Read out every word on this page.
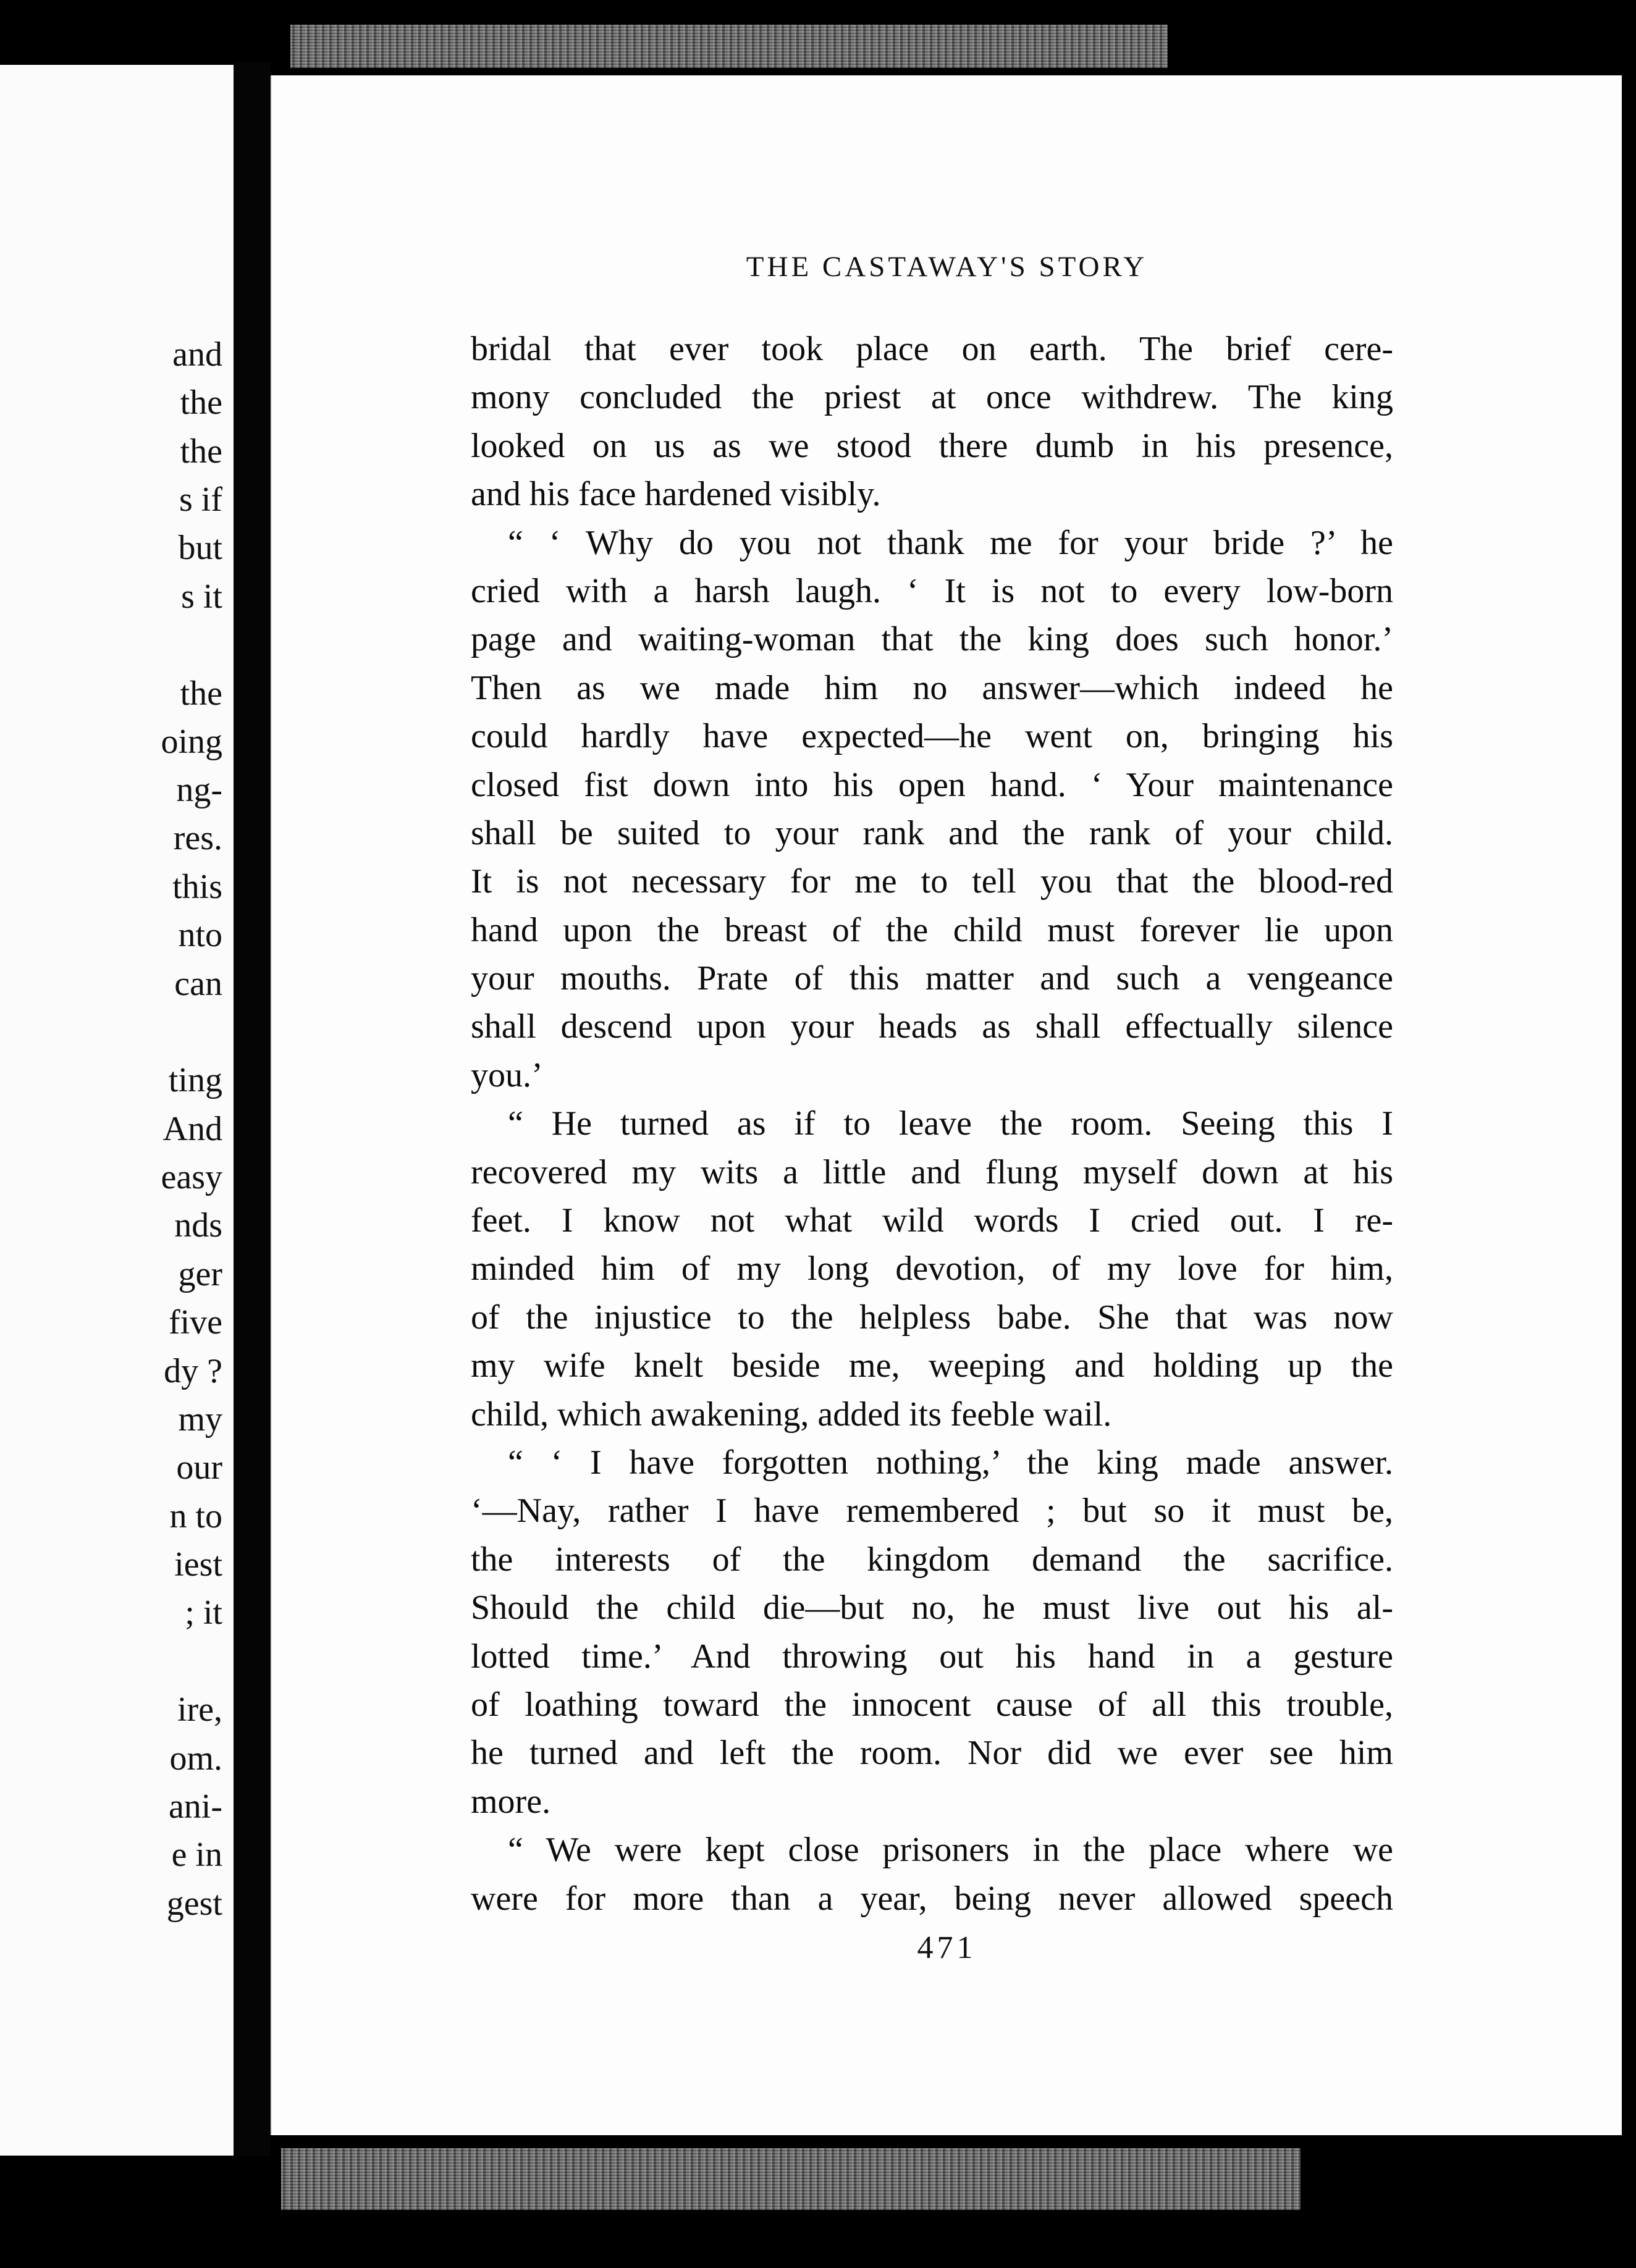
and
the
the
s if
but
s it
the
oing
ng-
res.
this
nto
can
ting
And
easy
nds
ger
five
dy ?
my
our
n to
iest
; it
ire,
om.
ani-
e in
gest
THE CASTAWAY'S STORY
bridal that ever took place on earth. The brief cere-
mony concluded the priest at once withdrew. The king
looked on us as we stood there dumb in his presence,
and his face hardened visibly.
“ ‘ Why do you not thank me for your bride ?’ he
cried with a harsh laugh. ‘ It is not to every low-born
page and waiting-woman that the king does such honor.’
Then as we made him no answer—which indeed he
could hardly have expected—he went on, bringing his
closed fist down into his open hand. ‘ Your maintenance
shall be suited to your rank and the rank of your child.
It is not necessary for me to tell you that the blood-red
hand upon the breast of the child must forever lie upon
your mouths. Prate of this matter and such a vengeance
shall descend upon your heads as shall effectually silence
you.’
“ He turned as if to leave the room. Seeing this I
recovered my wits a little and flung myself down at his
feet. I know not what wild words I cried out. I re-
minded him of my long devotion, of my love for him,
of the injustice to the helpless babe. She that was now
my wife knelt beside me, weeping and holding up the
child, which awakening, added its feeble wail.
“ ‘ I have forgotten nothing,’ the king made answer.
‘—Nay, rather I have remembered ; but so it must be,
the interests of the kingdom demand the sacrifice.
Should the child die—but no, he must live out his al-
lotted time.’ And throwing out his hand in a gesture
of loathing toward the innocent cause of all this trouble,
he turned and left the room. Nor did we ever see him
more.
“ We were kept close prisoners in the place where we
were for more than a year, being never allowed speech
471
